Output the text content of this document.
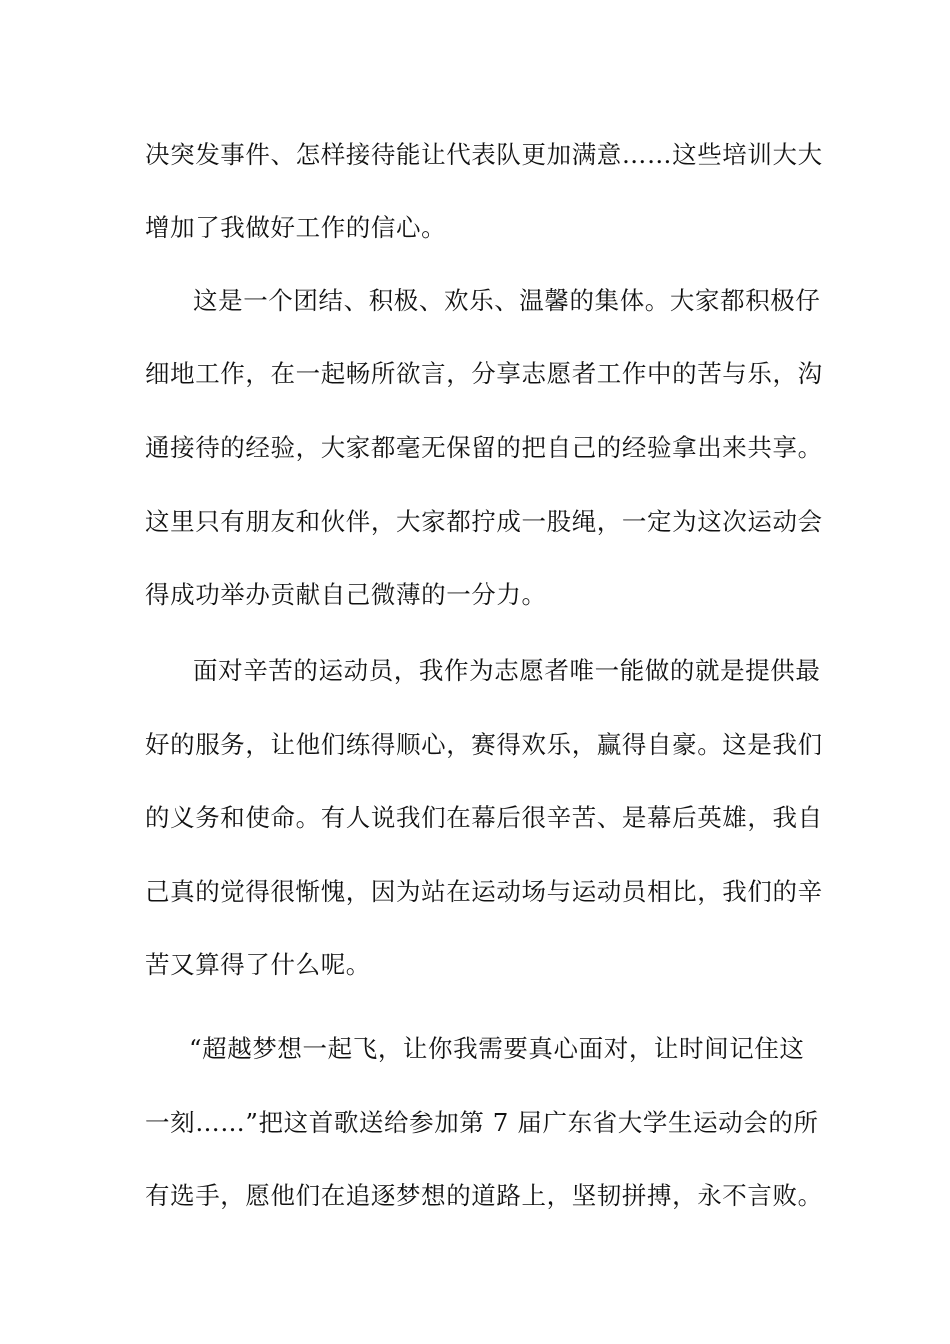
决突发事件、怎样接待能让代表队更加满意……这些培训大大
增加了我做好工作的信心。
这是一个团结、积极、欢乐、温馨的集体。大家都积极仔
细地工作，在一起畅所欲言，分享志愿者工作中的苦与乐，沟
通接待的经验，大家都毫无保留的把自己的经验拿出来共享。
这里只有朋友和伙伴，大家都拧成一股绳，一定为这次运动会
得成功举办贡献自己微薄的一分力。
面对辛苦的运动员，我作为志愿者唯一能做的就是提供最
好的服务，让他们练得顺心，赛得欢乐，赢得自豪。这是我们
的义务和使命。有人说我们在幕后很辛苦、是幕后英雄，我自
己真的觉得很惭愧，因为站在运动场与运动员相比，我们的辛
苦又算得了什么呢。
“超越梦想一起飞，让你我需要真心面对，让时间记住这
一刻……”把这首歌送给参加第 7 届广东省大学生运动会的所
有选手，愿他们在追逐梦想的道路上，坚韧拼搏，永不言败。
